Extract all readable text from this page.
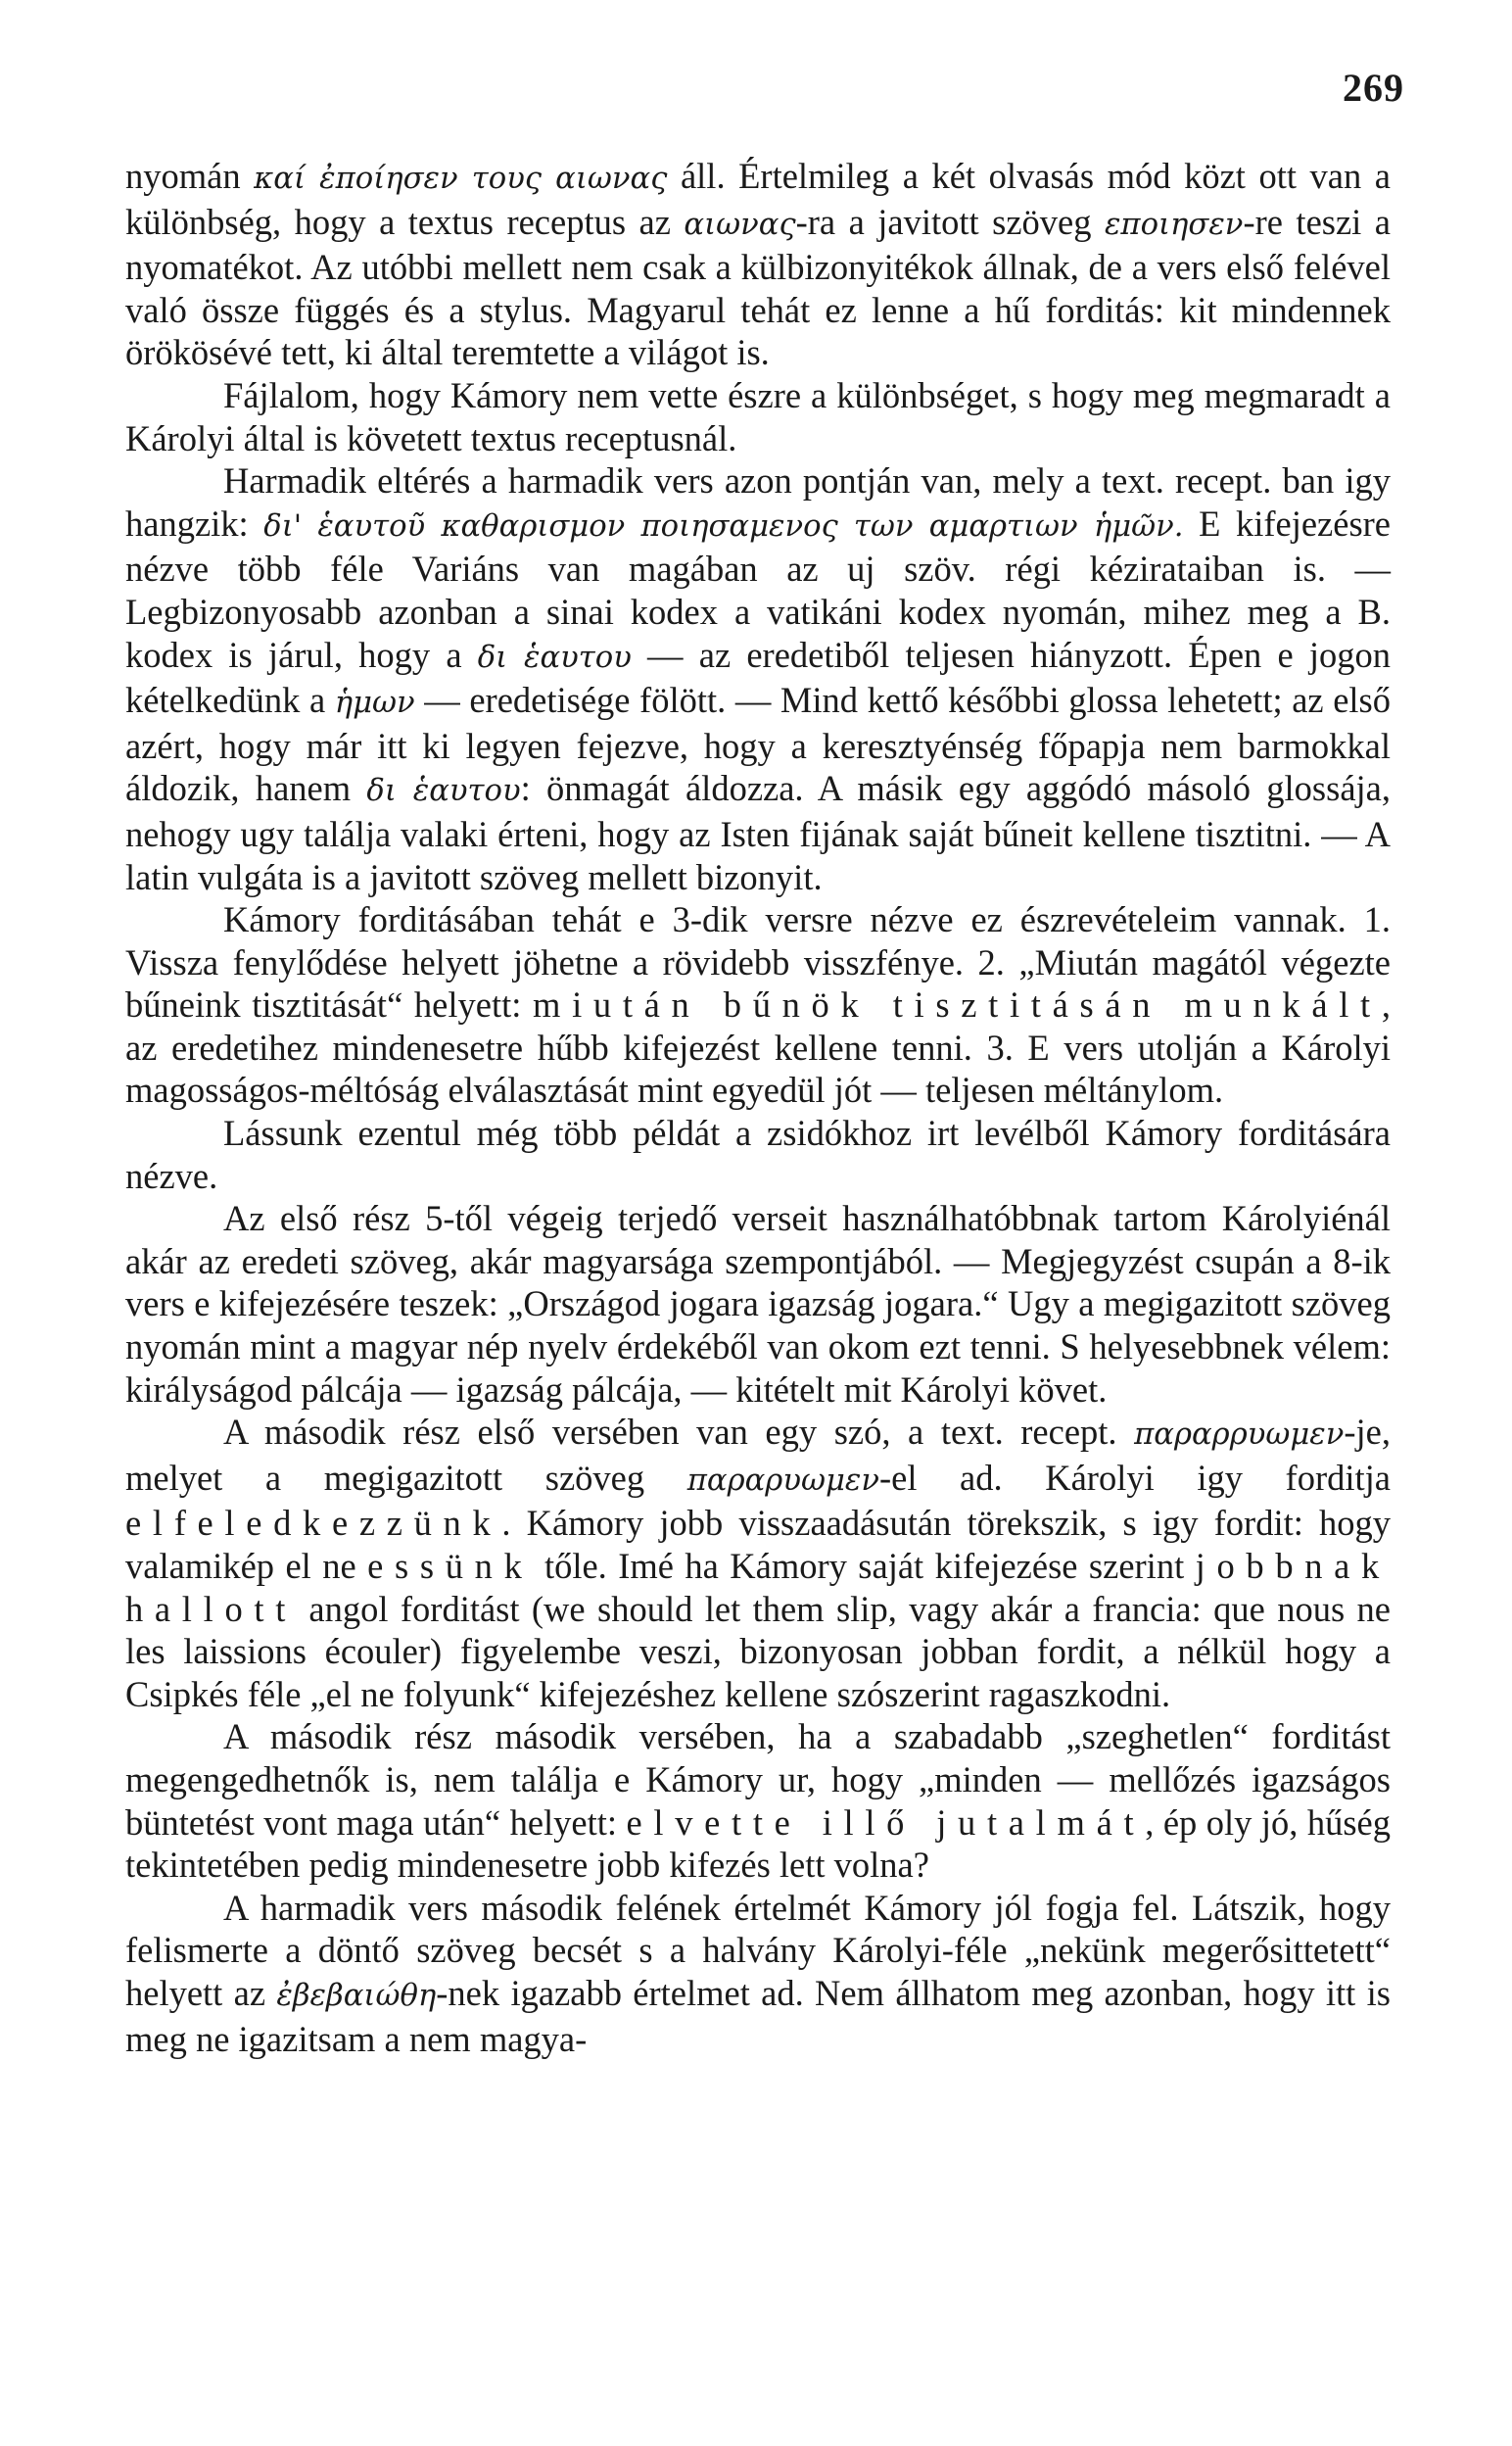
269

nyomán καί ἐποίησεν τους αιωνας áll. Értelmileg a két olvasás mód közt ott van a különbség, hogy a textus receptus az αιωνας-ra a javitott szöveg εποιησεν-re teszi a nyomatékot. Az utóbbi mellett nem csak a külbizonyitékok állnak, de a vers első felével való össze függés és a stylus. Magyarul tehát ez lenne a hű forditás: kit mindennek örökösévé tett, ki által teremtette a világot is.

Fájlalom, hogy Kámory nem vette észre a különbséget, s hogy meg megmaradt a Károlyi által is követett textus receptusnál.

Harmadik eltérés a harmadik vers azon pontján van, mely a text. recept. ban igy hangzik: δι' ἑαυτοῦ καθαρισμον ποιησαμενος των αμαρτιων ἡμῶν. E kifejezésre nézve több féle Variáns van magában az uj szöv. régi kézirataiban is. — Legbizonyosabb azonban a sinai kodex a vatikáni kodex nyomán, mihez meg a B. kodex is járul, hogy a δι ἑαυτου — az eredetiből teljesen hiányzott. Épen e jogon kételkedünk a ἡμων — eredetisége fölött. — Mind kettő későbbi glossa lehetett; az első azért, hogy már itt ki legyen fejezve, hogy a keresztyénség főpapja nem barmokkal áldozik, hanem δι ἑαυτου: önmagát áldozza. A másik egy aggódó másoló glossája, nehogy ugy találja valaki érteni, hogy az Isten fijának saját bűneit kellene tisztitni. — A latin vulgáta is a javitott szöveg mellett bizonyit.

Kámory forditásában tehát e 3-dik versre nézve ez észrevételeim vannak. 1. Vissza fenylődése helyett jöhetne a rövidebb visszfénye. 2. „Miután magától végezte bűneink tisztitását“ helyett: miután bűnök tisztitásán munkált, az eredetihez mindenesetre hűbb kifejezést kellene tenni. 3. E vers utolján a Károlyi magosságos-méltóság elválasztását mint egyedül jót — teljesen méltánylom.

Lássunk ezentul még több példát a zsidókhoz irt levélből Kámory forditására nézve.

Az első rész 5-től végeig terjedő verseit használhatóbbnak tartom Károlyiénál akár az eredeti szöveg, akár magyarsága szempontjából. — Megjegyzést csupán a 8-ik vers e kifejezésére teszek: „Országod jogara igazság jogara.“ Ugy a megigazitott szöveg nyomán mint a magyar nép nyelv érdekéből van okom ezt tenni. S helyesebbnek vélem: királyságod pálcája — igazság pálcája, — kitételt mit Károlyi követ.

A második rész első versében van egy szó, a text. recept. παραρρυωμεν-je, melyet a megigazitott szöveg παραρυωμεν-el ad. Károlyi igy forditja elfeledkezzünk. Kámory jobb visszaadásután törekszik, s igy fordit: hogy valamikép el ne essünk tőle. Imé ha Kámory saját kifejezése szerint jobbnak hallott angol forditást (we should let them slip, vagy akár a francia: que nous ne les laissions écouler) figyelembe veszi, bizonyosan jobban fordit, a nélkül hogy a Csipkés féle „el ne folyunk“ kifejezéshez kellene szószerint ragaszkodni.

A második rész második versében, ha a szabadabb „szeghetlen“ forditást megengedhetnők is, nem találja e Kámory ur, hogy „minden — mellőzés igazságos büntetést vont maga után“ helyett: elvette illő jutalmát, ép oly jó, hűség tekintetében pedig mindenesetre jobb kifezés lett volna?

A harmadik vers második felének értelmét Kámory jól fogja fel. Látszik, hogy felismerte a döntő szöveg becsét s a halvány Károlyi-féle „nekünk megerősittetett“ helyett az ἐβεβαιώθη-nek igazabb értelmet ad. Nem állhatom meg azonban, hogy itt is meg ne igazitsam a nem magya-
